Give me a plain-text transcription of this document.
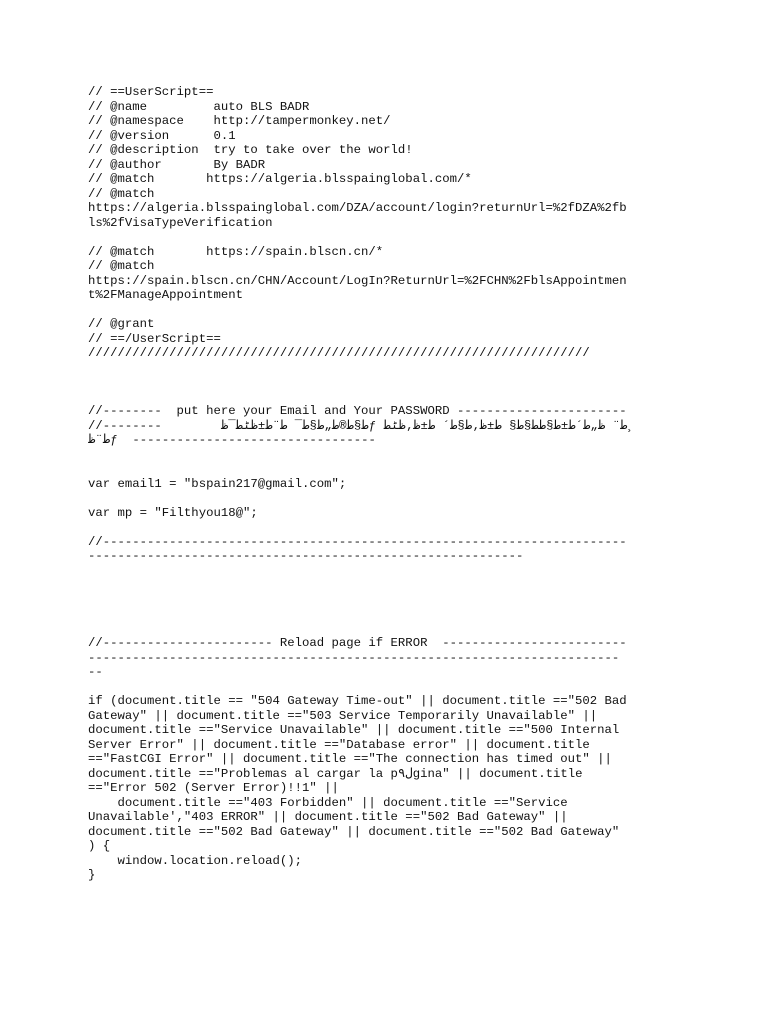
// ==UserScript==
// @name         auto BLS BADR
// @namespace    http://tampermonkey.net/
// @version      0.1
// @description  try to take over the world!
// @author       By BADR
// @match       https://algeria.blsspainglobal.com/*
// @match
https://algeria.blsspainglobal.com/DZA/account/login?returnUrl=%2fDZA%2fb
ls%2fVisaTypeVerification
// @match       https://spain.blscn.cn/*
// @match
https://spain.blscn.cn/CHN/Account/LogIn?ReturnUrl=%2FCHN%2FblsAppointmen
t%2FManageAppointment
// @grant
// ==/UserScript==
////////////////////////////////////////////////////////////////////
//--------  put here your Email and Your PASSWORD -----------------------
//--------        ط§ط®ط„ط§ط¯ ط¨ط±ظٹط¯ظƒ ط¨ ظ„ط´ط±ط§طط§ط§ ط±ظ‚ط§ط´ ط±ظ‚ظٹط¸
ط¨ظƒ  ---------------------------------
var email1 = "bspain217@gmail.com";
var mp = "Filthyou18@";
//-----------------------------------------------------------------------
-----------------------------------------------------------
//----------------------- Reload page if ERROR  -------------------------
------------------------------------------------------------------------
--
if (document.title == "504 Gateway Time-out" || document.title =="502 Bad
Gateway" || document.title =="503 Service Temporarily Unavailable" ||
document.title =="Service Unavailable" || document.title =="500 Internal
Server Error" || document.title =="Database error" || document.title
=="FastCGI Error" || document.title =="The connection has timed out" ||
document.title =="Problemas al cargar la pل٩gina" || document.title
=="Error 502 (Server Error)!!1" ||
document.title =="403 Forbidden" || document.title =="Service
Unavailable',"403 ERROR" || document.title =="502 Bad Gateway" ||
document.title =="502 Bad Gateway" || document.title =="502 Bad Gateway"
) {
window.location.reload();
}
